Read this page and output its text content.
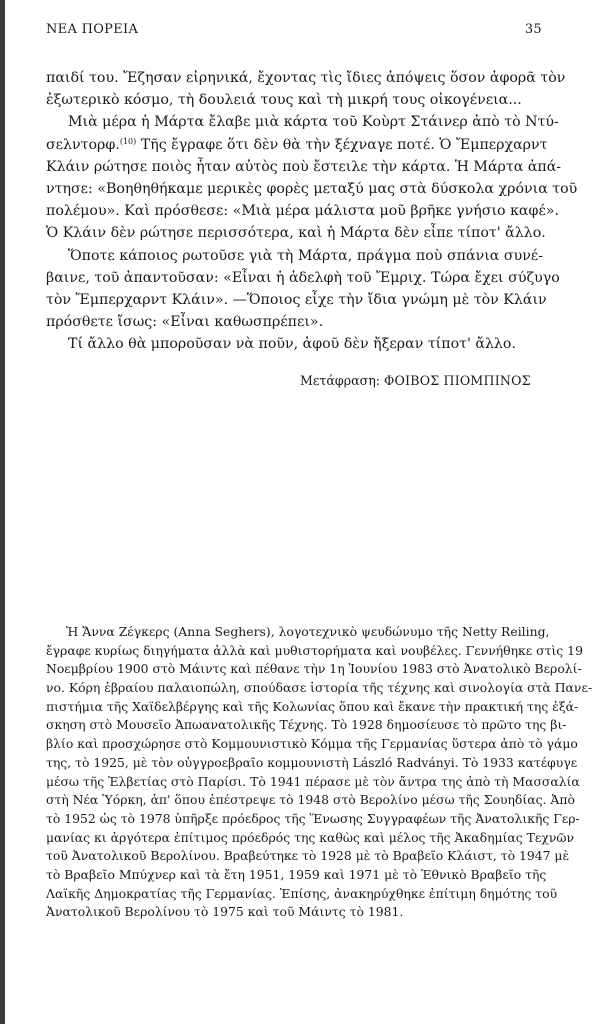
ΝΕΑ ΠΟΡΕΙΑ	35
παιδί του. Ἔζησαν εἰρηνικά, ἔχοντας τὶς ἴδιες ἀπόψεις ὅσον ἀφορᾶ τὸν
ἐξωτερικὸ κόσμο, τὴ δουλειά τους καὶ τὴ μικρή τους οἰκογένεια...
Μιὰ μέρα ἡ Μάρτα ἔλαβε μιὰ κάρτα τοῦ Κοὺρτ Στάινερ ἀπὸ τὸ Ντύ-
σελντορφ.$^{(10)}$ Τῆς ἔγραφε ὅτι δὲν θὰ τὴν ξέχναγε ποτέ. Ὁ Ἔμπερχαρντ
Κλάιν ρώτησε ποιὸς ἦταν αὐτὸς ποὺ ἔστειλε τὴν κάρτα. Ἡ Μάρτα ἀπά-
ντησε: «Βοηθηθήκαμε μερικὲς φορὲς μεταξύ μας στὰ δύσκολα χρόνια τοῦ
πολέμου». Καὶ πρόσθεσε: «Μιὰ μέρα μάλιστα μοῦ βρῆκε γνήσιο καφέ».
Ὁ Κλάιν δὲν ρώτησε περισσότερα, καὶ ἡ Μάρτα δὲν εἶπε τίποτ' ἄλλο.
Ὅποτε κάποιος ρωτοῦσε γιὰ τὴ Μάρτα, πράγμα ποὺ σπάνια συνέ-
βαινε, τοῦ ἀπαντοῦσαν: «Εἶναι ἡ ἀδελφὴ τοῦ Ἔμριχ. Τώρα ἔχει σύζυγο
τὸν Ἔμπερχαρντ Κλάιν». —Ὅποιος εἶχε τὴν ἴδια γνώμη μὲ τὸν Κλάιν
πρόσθετε ἴσως: «Εἶναι καθωσπρέπει».
Τί ἄλλο θὰ μποροῦσαν νὰ ποῦν, ἀφοῦ δὲν ἤξεραν τίποτ' ἄλλο.
Μετάφραση: ΦΟΙΒΟΣ ΠΙΟΜΠΙΝΟΣ
Ἡ Ἄννα Ζέγκερς (Anna Seghers), λογοτεχνικὸ ψευδώνυμο τῆς Netty Reiling,
ἔγραφε κυρίως διηγήματα ἀλλὰ καὶ μυθιστορήματα καὶ νουβέλες. Γεννήθηκε στὶς 19
Νοεμβρίου 1900 στὸ Μάιντς καὶ πέθανε τὴν 1η Ἰουνίου 1983 στὸ Ἀνατολικὸ Βερολί-
νο. Κόρη ἑβραίου παλαιοπώλη, σπούδασε ἱστορία τῆς τέχνης καὶ σινολογία στὰ Πανε-
πιστήμια τῆς Χαϊδελβέργης καὶ τῆς Κολωνίας ὅπου καὶ ἔκανε τὴν πρακτική της ἐξά-
σκηση στὸ Μουσεῖο Ἀπωανατολικῆς Τέχνης. Τὸ 1928 δημοσίευσε τὸ πρῶτο της βι-
βλίο καὶ προσχώρησε στὸ Κομμουνιστικὸ Κόμμα τῆς Γερμανίας ὕστερα ἀπὸ τὸ γάμο
της, τὸ 1925, μὲ τὸν οὐγγροεβραῖο κομμουνιστὴ László Radványi. Τὸ 1933 κατέφυγε
μέσω τῆς Ἑλβετίας στὸ Παρίσι. Τὸ 1941 πέρασε μὲ τὸν ἄντρα της ἀπὸ τὴ Μασσαλία
στὴ Νέα Ὑόρκη, ἀπ' ὅπου ἐπέστρεψε τὸ 1948 στὸ Βερολίνο μέσω τῆς Σουηδίας. Ἀπὸ
τὸ 1952 ὡς τὸ 1978 ὑπῆρξε πρόεδρος τῆς Ἕνωσης Συγγραφέων τῆς Ἀνατολικῆς Γερ-
μανίας κι ἀργότερα ἐπίτιμος πρόεδρός της καθὼς καὶ μέλος τῆς Ἀκαδημίας Τεχνῶν
τοῦ Ἀνατολικοῦ Βερολίνου. Βραβεύτηκε τὸ 1928 μὲ τὸ Βραβεῖο Κλάιστ, τὸ 1947 μὲ
τὸ Βραβεῖο Μπύχνερ καὶ τὰ ἔτη 1951, 1959 καὶ 1971 μὲ τὸ Ἐθνικὸ Βραβεῖο τῆς
Λαϊκῆς Δημοκρατίας τῆς Γερμανίας. Ἐπίσης, ἀνακηρύχθηκε ἐπίτιμη δημότης τοῦ
Ἀνατολικοῦ Βερολίνου τὸ 1975 καὶ τοῦ Μάιντς τὸ 1981.
